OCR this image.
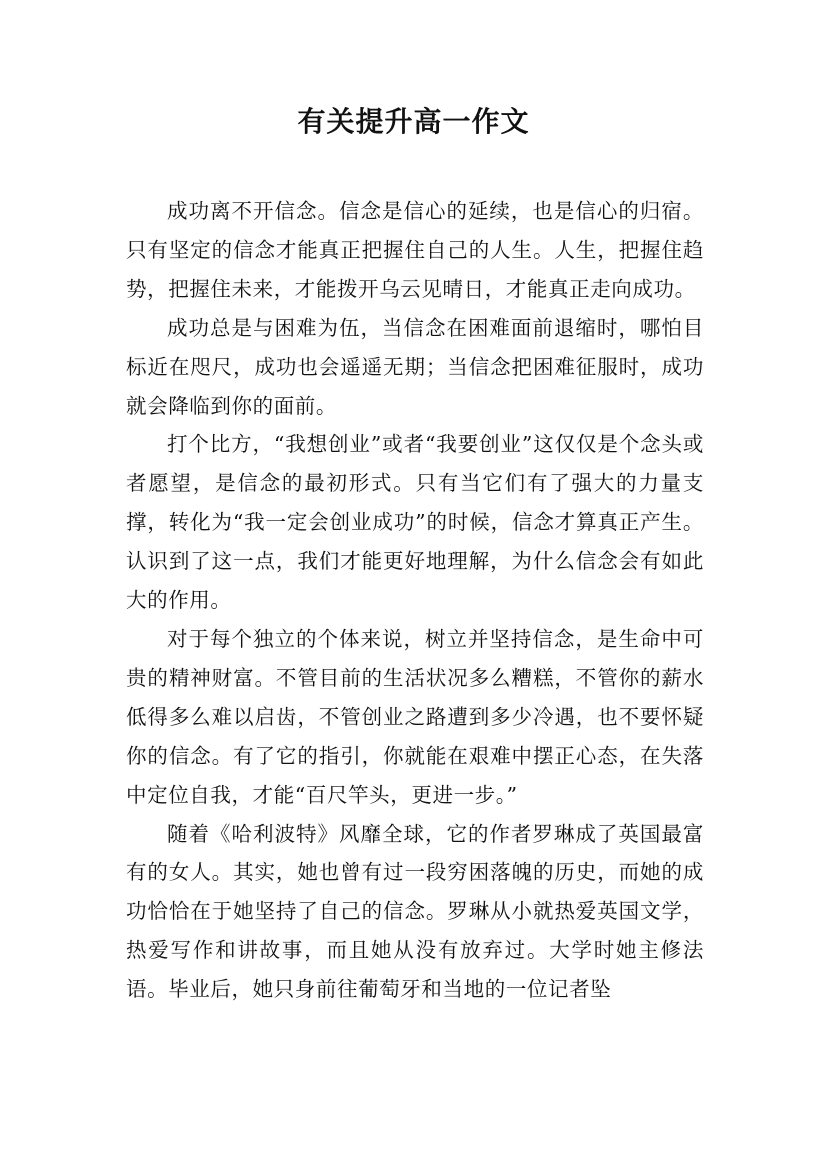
有关提升高一作文

成功离不开信念。信念是信心的延续，也是信心的归宿。只有坚定的信念才能真正把握住自己的人生。人生，把握住趋势，把握住未来，才能拨开乌云见晴日，才能真正走向成功。

成功总是与困难为伍，当信念在困难面前退缩时，哪怕目标近在咫尺，成功也会遥遥无期；当信念把困难征服时，成功就会降临到你的面前。

打个比方，“我想创业”或者“我要创业”这仅仅是个念头或者愿望，是信念的最初形式。只有当它们有了强大的力量支撑，转化为“我一定会创业成功”的时候，信念才算真正产生。认识到了这一点，我们才能更好地理解，为什么信念会有如此大的作用。

对于每个独立的个体来说，树立并坚持信念，是生命中可贵的精神财富。不管目前的生活状况多么糟糕，不管你的薪水低得多么难以启齿，不管创业之路遭到多少冷遇，也不要怀疑你的信念。有了它的指引，你就能在艰难中摆正心态，在失落中定位自我，才能“百尺竿头，更进一步。”

随着《哈利波特》风靡全球，它的作者罗琳成了英国最富有的女人。其实，她也曾有过一段穷困落魄的历史，而她的成功恰恰在于她坚持了自己的信念。罗琳从小就热爱英国文学，热爱写作和讲故事，而且她从没有放弃过。大学时她主修法语。毕业后，她只身前往葡萄牙和当地的一位记者坠
